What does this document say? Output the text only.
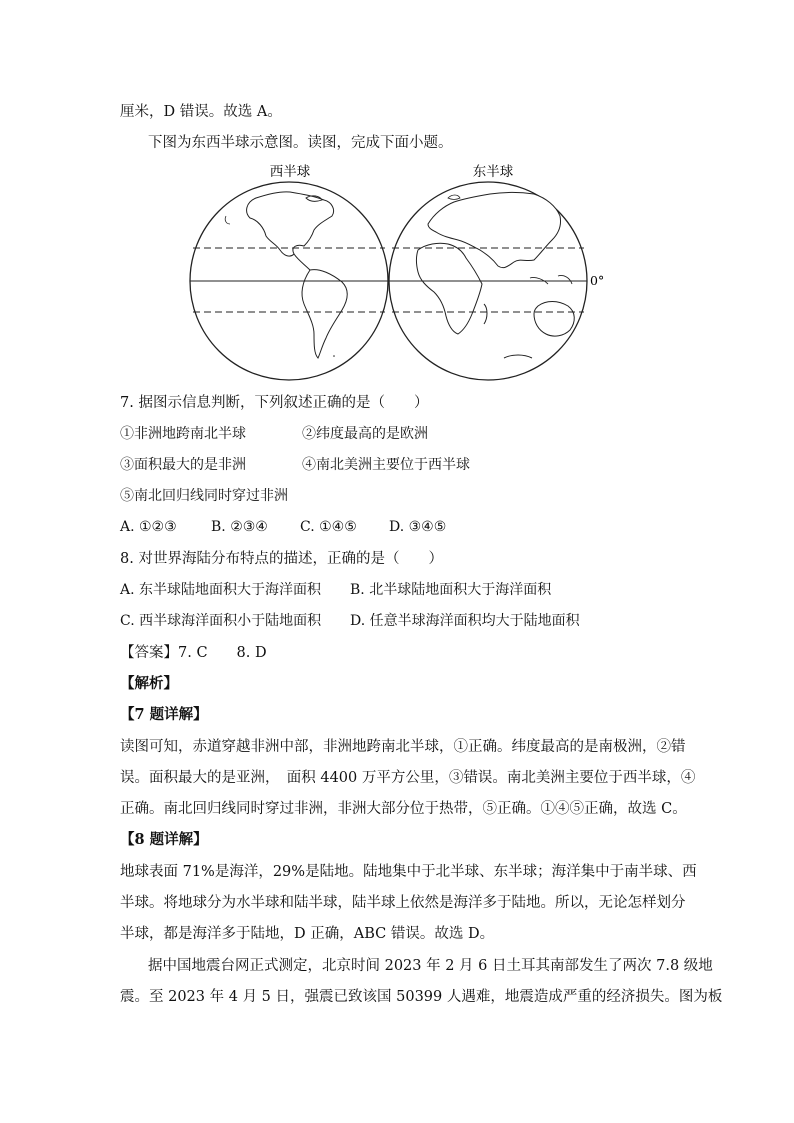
厘米，D 错误。故选 A。
下图为东西半球示意图。读图，完成下面小题。
西半球	东半球
0°
7. 据图示信息判断，下列叙述正确的是（　　）
①非洲地跨南北半球	②纬度最高的是欧洲
③面积最大的是非洲	④南北美洲主要位于西半球
⑤南北回归线同时穿过非洲
A. ①②③ B. ②③④ C. ①④⑤ D. ③④⑤
8. 对世界海陆分布特点的描述，正确的是（　　）
A. 东半球陆地面积大于海洋面积 B. 北半球陆地面积大于海洋面积
C. 西半球海洋面积小于陆地面积 D. 任意半球海洋面积均大于陆地面积
【答案】7. C　　8. D
【解析】
【7 题详解】
读图可知，赤道穿越非洲中部，非洲地跨南北半球，①正确。纬度最高的是南极洲，②错
误。面积最大的是亚洲，　面积 4400 万平方公里，③错误。南北美洲主要位于西半球，④
正确。南北回归线同时穿过非洲，非洲大部分位于热带，⑤正确。①④⑤正确，故选 C。
【8 题详解】
地球表面 71%是海洋，29%是陆地。陆地集中于北半球、东半球；海洋集中于南半球、西
半球。将地球分为水半球和陆半球，陆半球上依然是海洋多于陆地。所以，无论怎样划分
半球，都是海洋多于陆地，D 正确，ABC 错误。故选 D。
据中国地震台网正式测定，北京时间 2023 年 2 月 6 日土耳其南部发生了两次 7.8 级地
震。至 2023 年 4 月 5 日，强震已致该国 50399 人遇难，地震造成严重的经济损失。图为板
